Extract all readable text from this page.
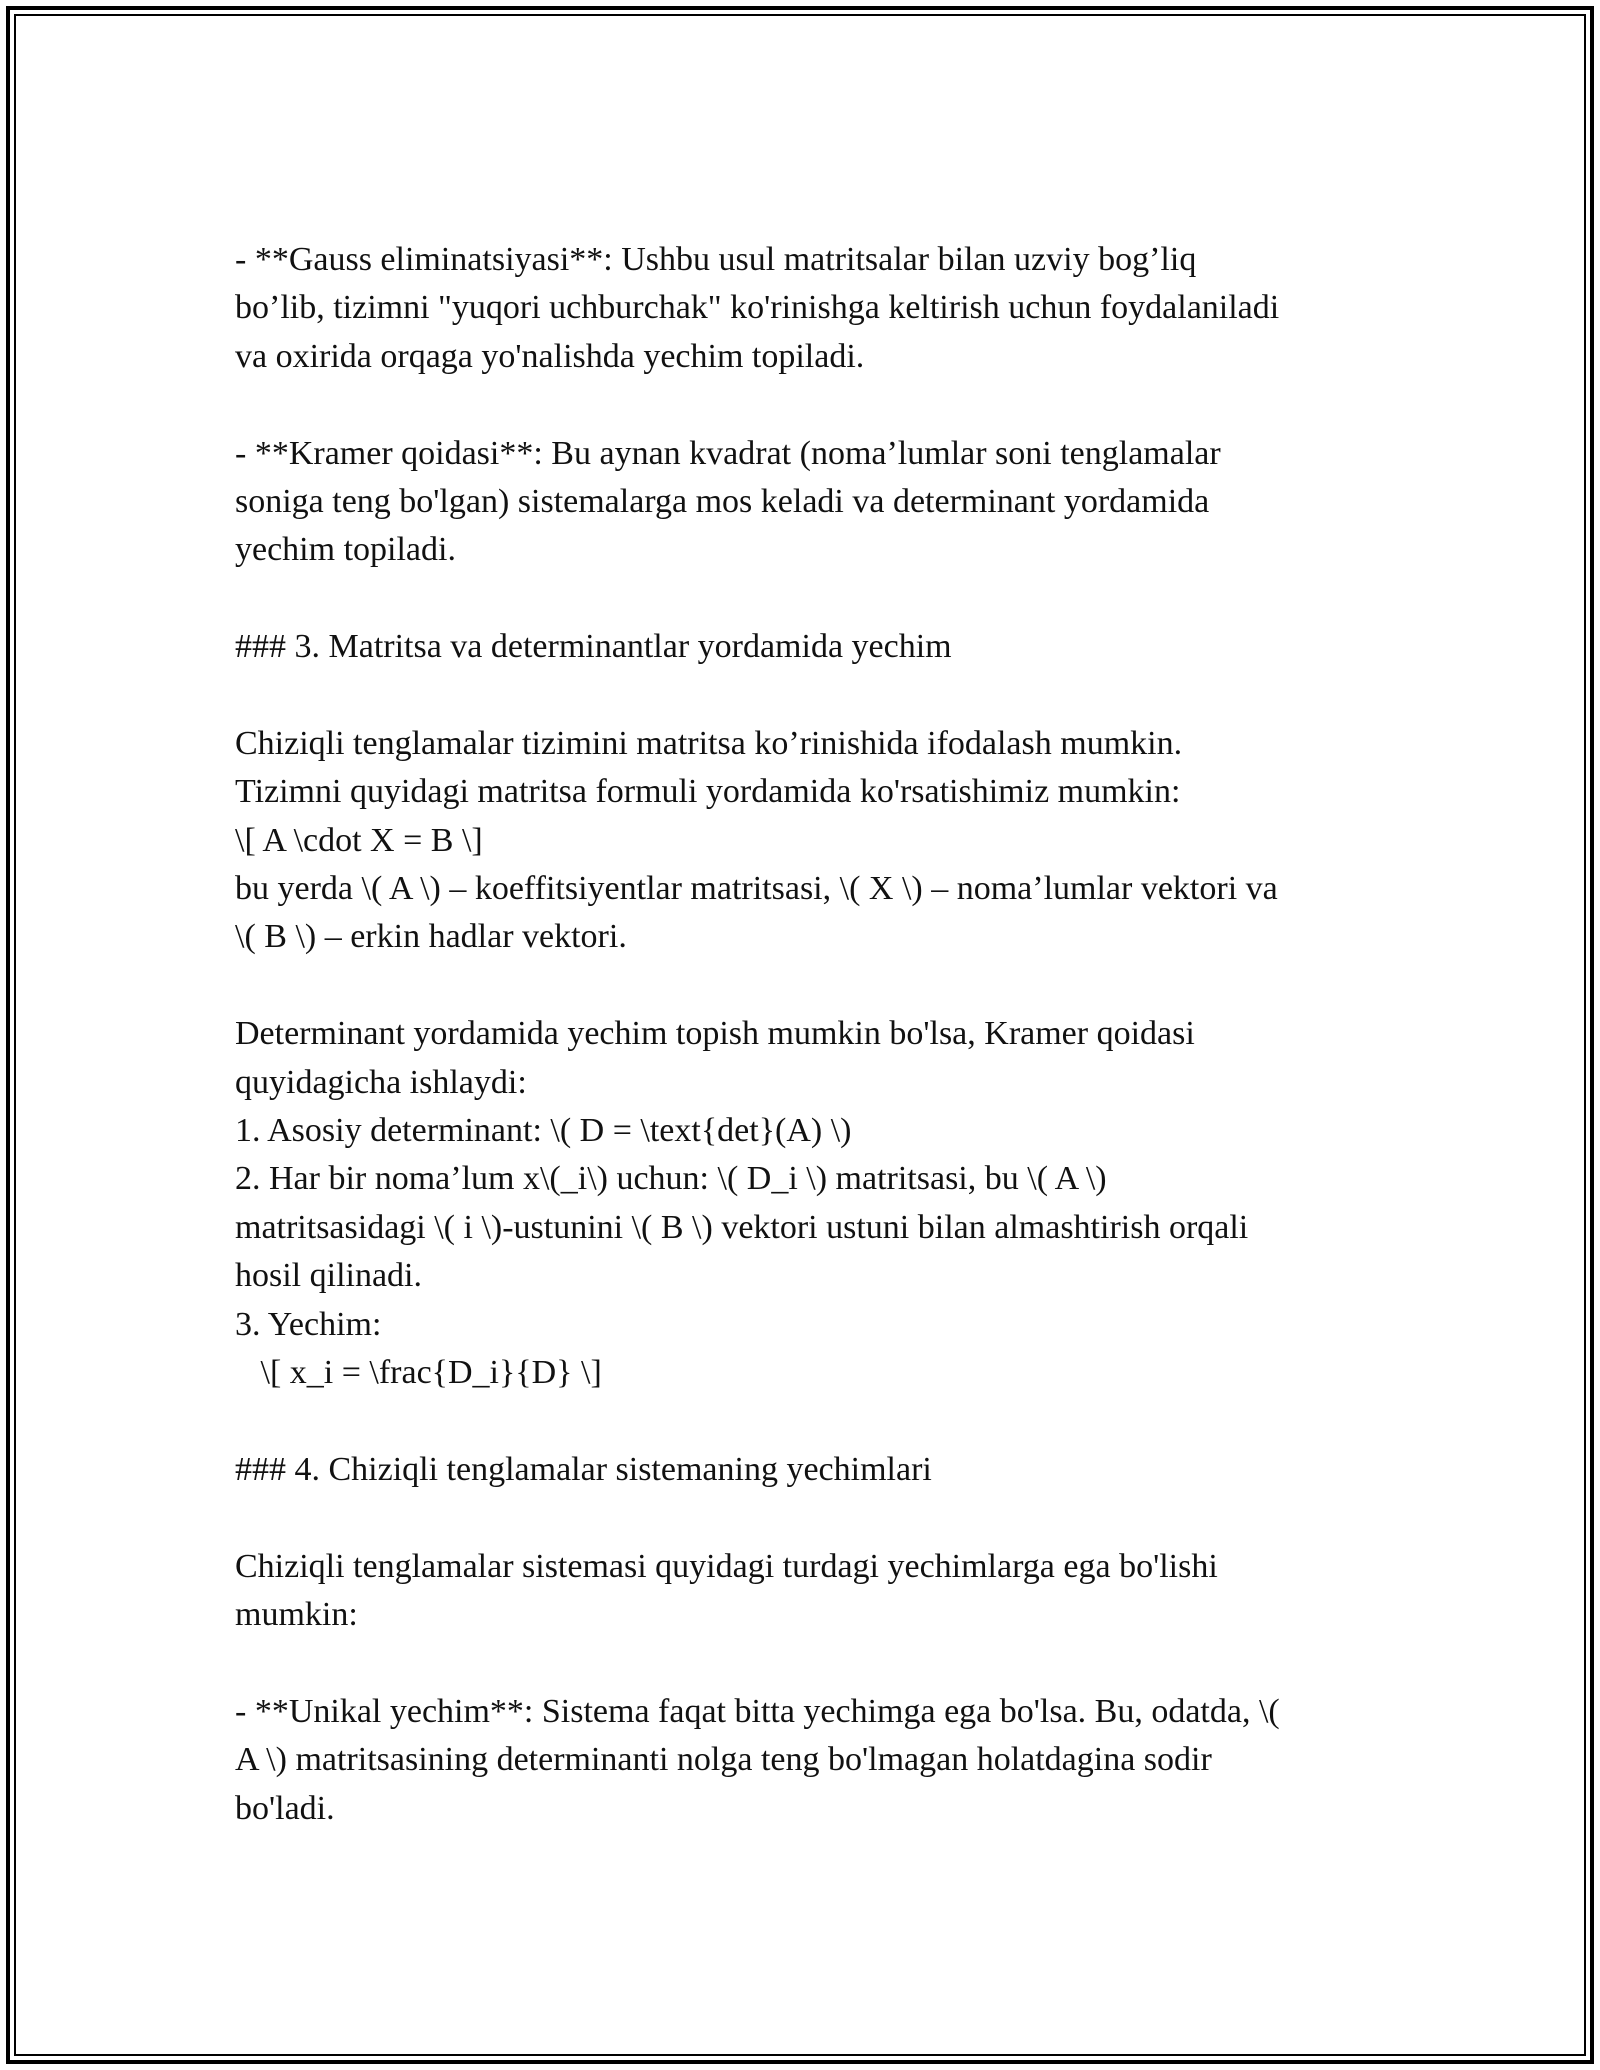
- **Gauss eliminatsiyasi**: Ushbu usul matritsalar bilan uzviy bog’liq
bo’lib, tizimni "yuqori uchburchak" ko'rinishga keltirish uchun foydalaniladi
va oxirida orqaga yo'nalishda yechim topiladi.
- **Kramer qoidasi**: Bu aynan kvadrat (noma’lumlar soni tenglamalar
soniga teng bo'lgan) sistemalarga mos keladi va determinant yordamida
yechim topiladi.
### 3. Matritsa va determinantlar yordamida yechim
Chiziqli tenglamalar tizimini matritsa ko’rinishida ifodalash mumkin.
Tizimni quyidagi matritsa formuli yordamida ko'rsatishimiz mumkin:
\[ A \cdot X = B \]
bu yerda \( A \) – koeffitsiyentlar matritsasi, \( X \) – noma’lumlar vektori va
\( B \) – erkin hadlar vektori.
Determinant yordamida yechim topish mumkin bo'lsa, Kramer qoidasi
quyidagicha ishlaydi:
1. Asosiy determinant: \( D = \text{det}(A) \)
2. Har bir noma’lum x\(_i\) uchun: \( D_i \) matritsasi, bu \( A \)
matritsasidagi \( i \)-ustunini \( B \) vektori ustuni bilan almashtirish orqali
hosil qilinadi.
3. Yechim:
\[ x_i = \frac{D_i}{D} \]
### 4. Chiziqli tenglamalar sistemaning yechimlari
Chiziqli tenglamalar sistemasi quyidagi turdagi yechimlarga ega bo'lishi
mumkin:
- **Unikal yechim**: Sistema faqat bitta yechimga ega bo'lsa. Bu, odatda, \(
A \) matritsasining determinanti nolga teng bo'lmagan holatdagina sodir
bo'ladi.
